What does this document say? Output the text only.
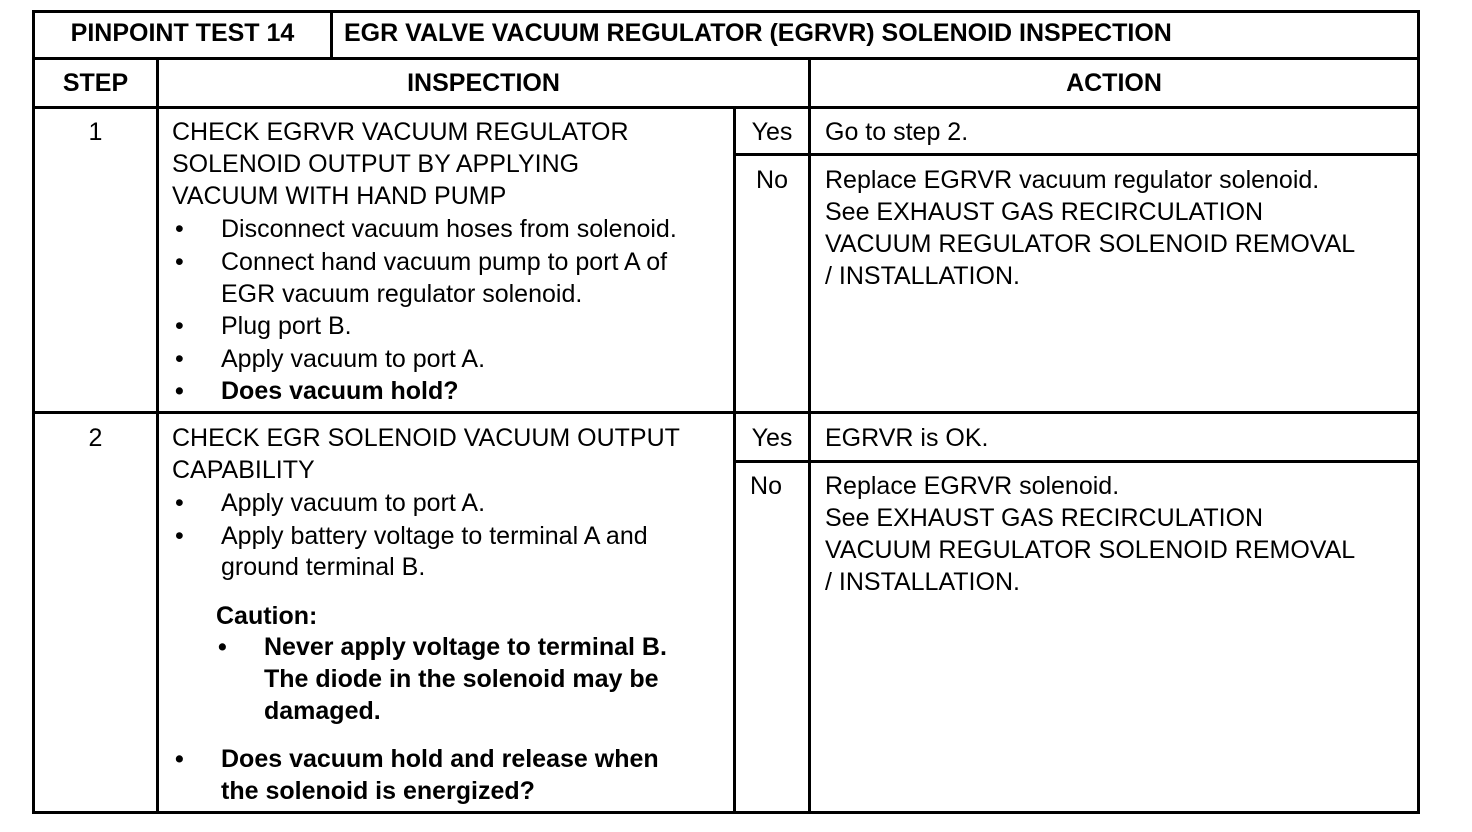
PINPOINT TEST 14	EGR VALVE VACUUM REGULATOR (EGRVR) SOLENOID INSPECTION
STEP	INSPECTION	ACTION
1	CHECK EGRVR VACUUM REGULATOR
SOLENOID OUTPUT BY APPLYING
VACUUM WITH HAND PUMP
• Disconnect vacuum hoses from solenoid.
• Connect hand vacuum pump to port A of
EGR vacuum regulator solenoid.
• Plug port B.
• Apply vacuum to port A.
• Does vacuum hold?
Yes	Go to step 2.
No	Replace EGRVR vacuum regulator solenoid.
See EXHAUST GAS RECIRCULATION
VACUUM REGULATOR SOLENOID REMOVAL
/ INSTALLATION.
2	CHECK EGR SOLENOID VACUUM OUTPUT
CAPABILITY
• Apply vacuum to port A.
• Apply battery voltage to terminal A and
ground terminal B.
Caution:
• Never apply voltage to terminal B.
The diode in the solenoid may be
damaged.
• Does vacuum hold and release when
the solenoid is energized?
Yes	EGRVR is OK.
No	Replace EGRVR solenoid.
See EXHAUST GAS RECIRCULATION
VACUUM REGULATOR SOLENOID REMOVAL
/ INSTALLATION.
